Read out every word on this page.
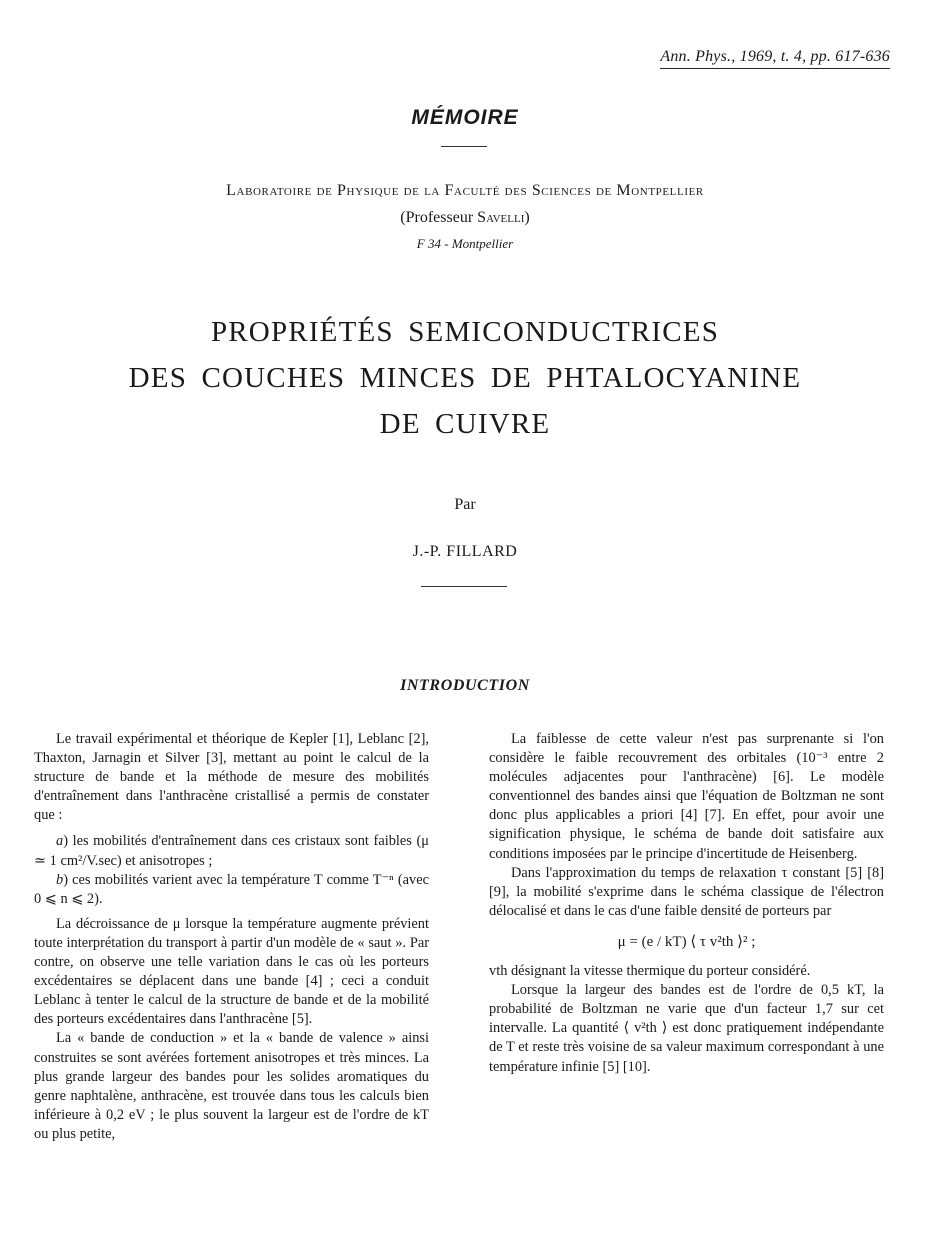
Ann. Phys., 1969, t. 4, pp. 617-636
MÉMOIRE
Laboratoire de Physique de la Faculté des Sciences de Montpellier
(Professeur Savelli)
F 34 - Montpellier
PROPRIÉTÉS SEMICONDUCTRICES
DES COUCHES MINCES DE PHTALOCYANINE
DE CUIVRE
Par
J.-P. FILLARD
INTRODUCTION

Le travail expérimental et théorique de Kepler [1], Leblanc [2], Thaxton, Jarnagin et Silver [3], mettant au point le calcul de la structure de bande et la méthode de mesure des mobilités d'entraînement dans l'anthracène cristallisé a permis de constater que :

a) les mobilités d'entraînement dans ces cristaux sont faibles (μ ≃ 1 cm²/V.sec) et anisotropes ;

b) ces mobilités varient avec la température T comme T⁻ⁿ (avec 0 ⩽ n ⩽ 2).

La décroissance de μ lorsque la température augmente prévient toute interprétation du transport à partir d'un modèle de « saut ». Par contre, on observe une telle variation dans le cas où les porteurs excédentaires se déplacent dans une bande [4] ; ceci a conduit Leblanc à tenter le calcul de la structure de bande et de la mobilité des porteurs excédentaires dans l'anthracène [5].

La « bande de conduction » et la « bande de valence » ainsi construites se sont avérées fortement anisotropes et très minces. La plus grande largeur des bandes pour les solides aromatiques du genre naphtalène, anthracène, est trouvée dans tous les calculs bien inférieure à 0,2 eV ; le plus souvent la largeur est de l'ordre de kT ou plus petite,

La faiblesse de cette valeur n'est pas surprenante si l'on considère le faible recouvrement des orbitales (10⁻³ entre 2 molécules adjacentes pour l'anthracène) [6]. Le modèle conventionnel des bandes ainsi que l'équation de Boltzman ne sont donc plus applicables a priori [4] [7]. En effet, pour avoir une signification physique, le schéma de bande doit satisfaire aux conditions imposées par le principe d'incertitude de Heisenberg.

Dans l'approximation du temps de relaxation τ constant [5] [8] [9], la mobilité s'exprime dans le schéma classique de l'électron délocalisé et dans le cas d'une faible densité de porteurs par

μ = (e / kT) ⟨ τ v²th ⟩² ;

vth désignant la vitesse thermique du porteur considéré.

Lorsque la largeur des bandes est de l'ordre de 0,5 kT, la probabilité de Boltzman ne varie que d'un facteur 1,7 sur cet intervalle. La quantité ⟨ v²th ⟩ est donc pratiquement indépendante de T et reste très voisine de sa valeur maximum correspondant à une température infinie [5] [10].
